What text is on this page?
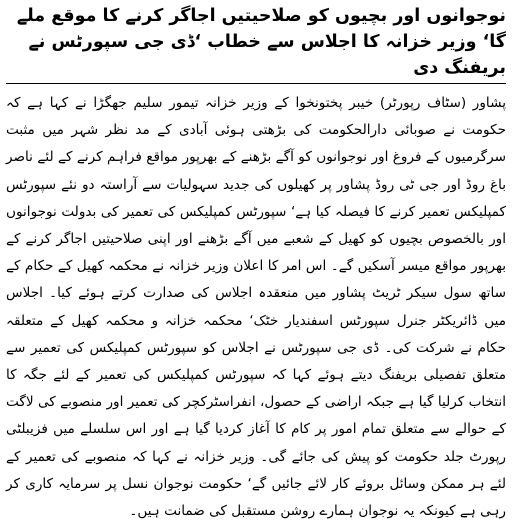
نوجوانوں اور بچیوں کو صلاحیتیں اجاگر کرنے کا موقع ملے گا‘ وزیر خزانہ کا اجلاس سے خطاب ‘ڈی جی سپورٹس نے بریفنگ دی

پشاور (سٹاف رپورٹر) خیبر پختونخوا کے وزیر خزانہ تیمور سلیم جھگڑا نے کہا ہے کہ حکومت نے صوبائی دارالحکومت کی بڑھتی ہوئی آبادی کے مد نظر شہر میں مثبت سرگرمیوں کے فروغ اور نوجوانوں کو آگے بڑھنے کے بھرپور مواقع فراہم کرنے کے لئے ناصر باغ روڈ اور جی ٹی روڈ پشاور پر کھیلوں کی جدید سہولیات سے آراستہ دو نئے سپورٹس کمپلیکس تعمیر کرنے کا فیصلہ کیا ہے‘ سپورٹس کمپلیکس کی تعمیر کی بدولت نوجوانوں اور بالخصوص بچیوں کو کھیل کے شعبے میں آگے بڑھنے اور اپنی صلاحیتیں اجاگر کرنے کے بھرپور مواقع میسر آسکیں گے۔ اس امر کا اعلان وزیر خزانہ نے محکمہ کھیل کے حکام کے ساتھ سول سیکر ٹریٹ پشاور میں منعقدہ اجلاس کی صدارت کرتے ہوئے کیا۔ اجلاس میں ڈائریکٹر جنرل سپورٹس اسفندیار خٹک‘ محکمہ خزانہ و محکمہ کھیل کے متعلقہ حکام نے شرکت کی۔ ڈی جی سپورٹس نے اجلاس کو سپورٹس کمپلیکس کی تعمیر سے متعلق تفصیلی بریفنگ دیتے ہوئے کہا کہ سپورٹس کمپلیکس کی تعمیر کے لئے جگہ کا انتخاب کرلیا گیا ہے جبکہ اراضی کے حصول، انفراسٹرکچر کی تعمیر اور منصوبے کی لاگت کے حوالے سے متعلق تمام امور پر کام کا آغاز کردیا گیا ہے اور اس سلسلے میں فزیبلٹی رپورٹ جلد حکومت کو پیش کی جائے گی۔ وزیر خزانہ نے کہا کہ منصوبے کی تعمیر کے لئے ہر ممکن وسائل بروئے کار لائے جائیں گے‘ حکومت نوجوان نسل پر سرمایہ کاری کر رہی ہے کیونکہ یہ نوجوان ہمارے روشن مستقبل کی ضمانت ہیں۔
